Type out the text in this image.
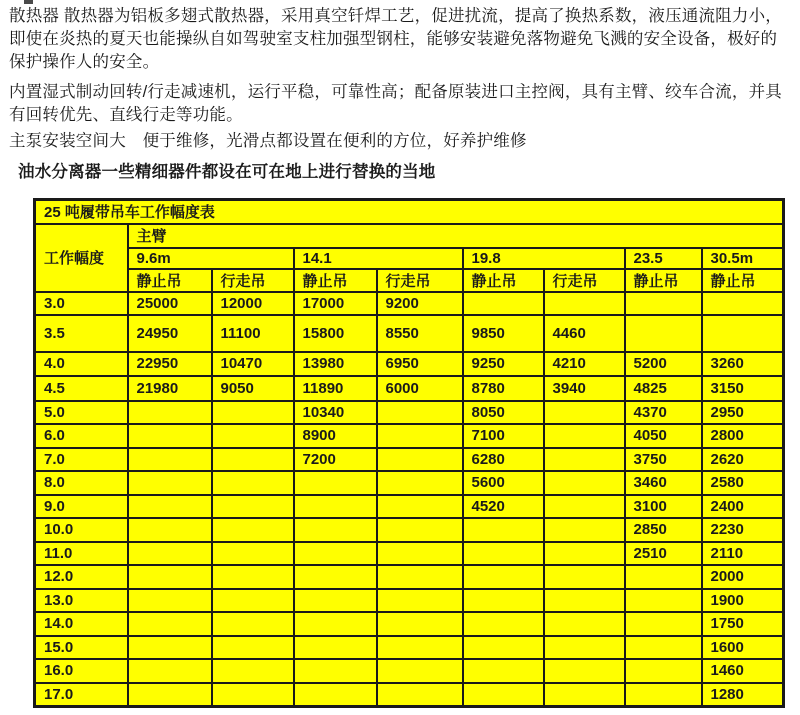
散热器 散热器为铝板多翅式散热器，采用真空钎焊工艺，促进扰流，提高了换热系数，液压通流阻力小，即使在炎热的夏天也能操纵自如驾驶室支柱加强型钢柱，能够安装避免落物避免飞溅的安全设备，极好的保护操作人的安全。

内置湿式制动回转/行走减速机，运行平稳，可靠性高；配备原装进口主控阀，具有主臂、绞车合流，并具有回转优先、直线行走等功能。

主泵安装空间大　便于维修，光滑点都设置在便利的方位，好养护维修

油水分离器一些精细器件都设在可在地上进行替换的当地

25 吨履带吊车工作幅度表								
工作幅度	主臂							
	9.6m		14.1		19.8		23.5	30.5m
	静止吊	行走吊	静止吊	行走吊	静止吊	行走吊	静止吊	静止吊
3.0	25000	12000	17000	9200				
3.5	24950	11100	15800	8550	9850	4460		
4.0	22950	10470	13980	6950	9250	4210	5200	3260
4.5	21980	9050	11890	6000	8780	3940	4825	3150
5.0			10340		8050		4370	2950
6.0			8900		7100		4050	2800
7.0			7200		6280		3750	2620
8.0					5600		3460	2580
9.0					4520		3100	2400
10.0							2850	2230
11.0							2510	2110
12.0								2000
13.0								1900
14.0								1750
15.0								1600
16.0								1460
17.0								1280
